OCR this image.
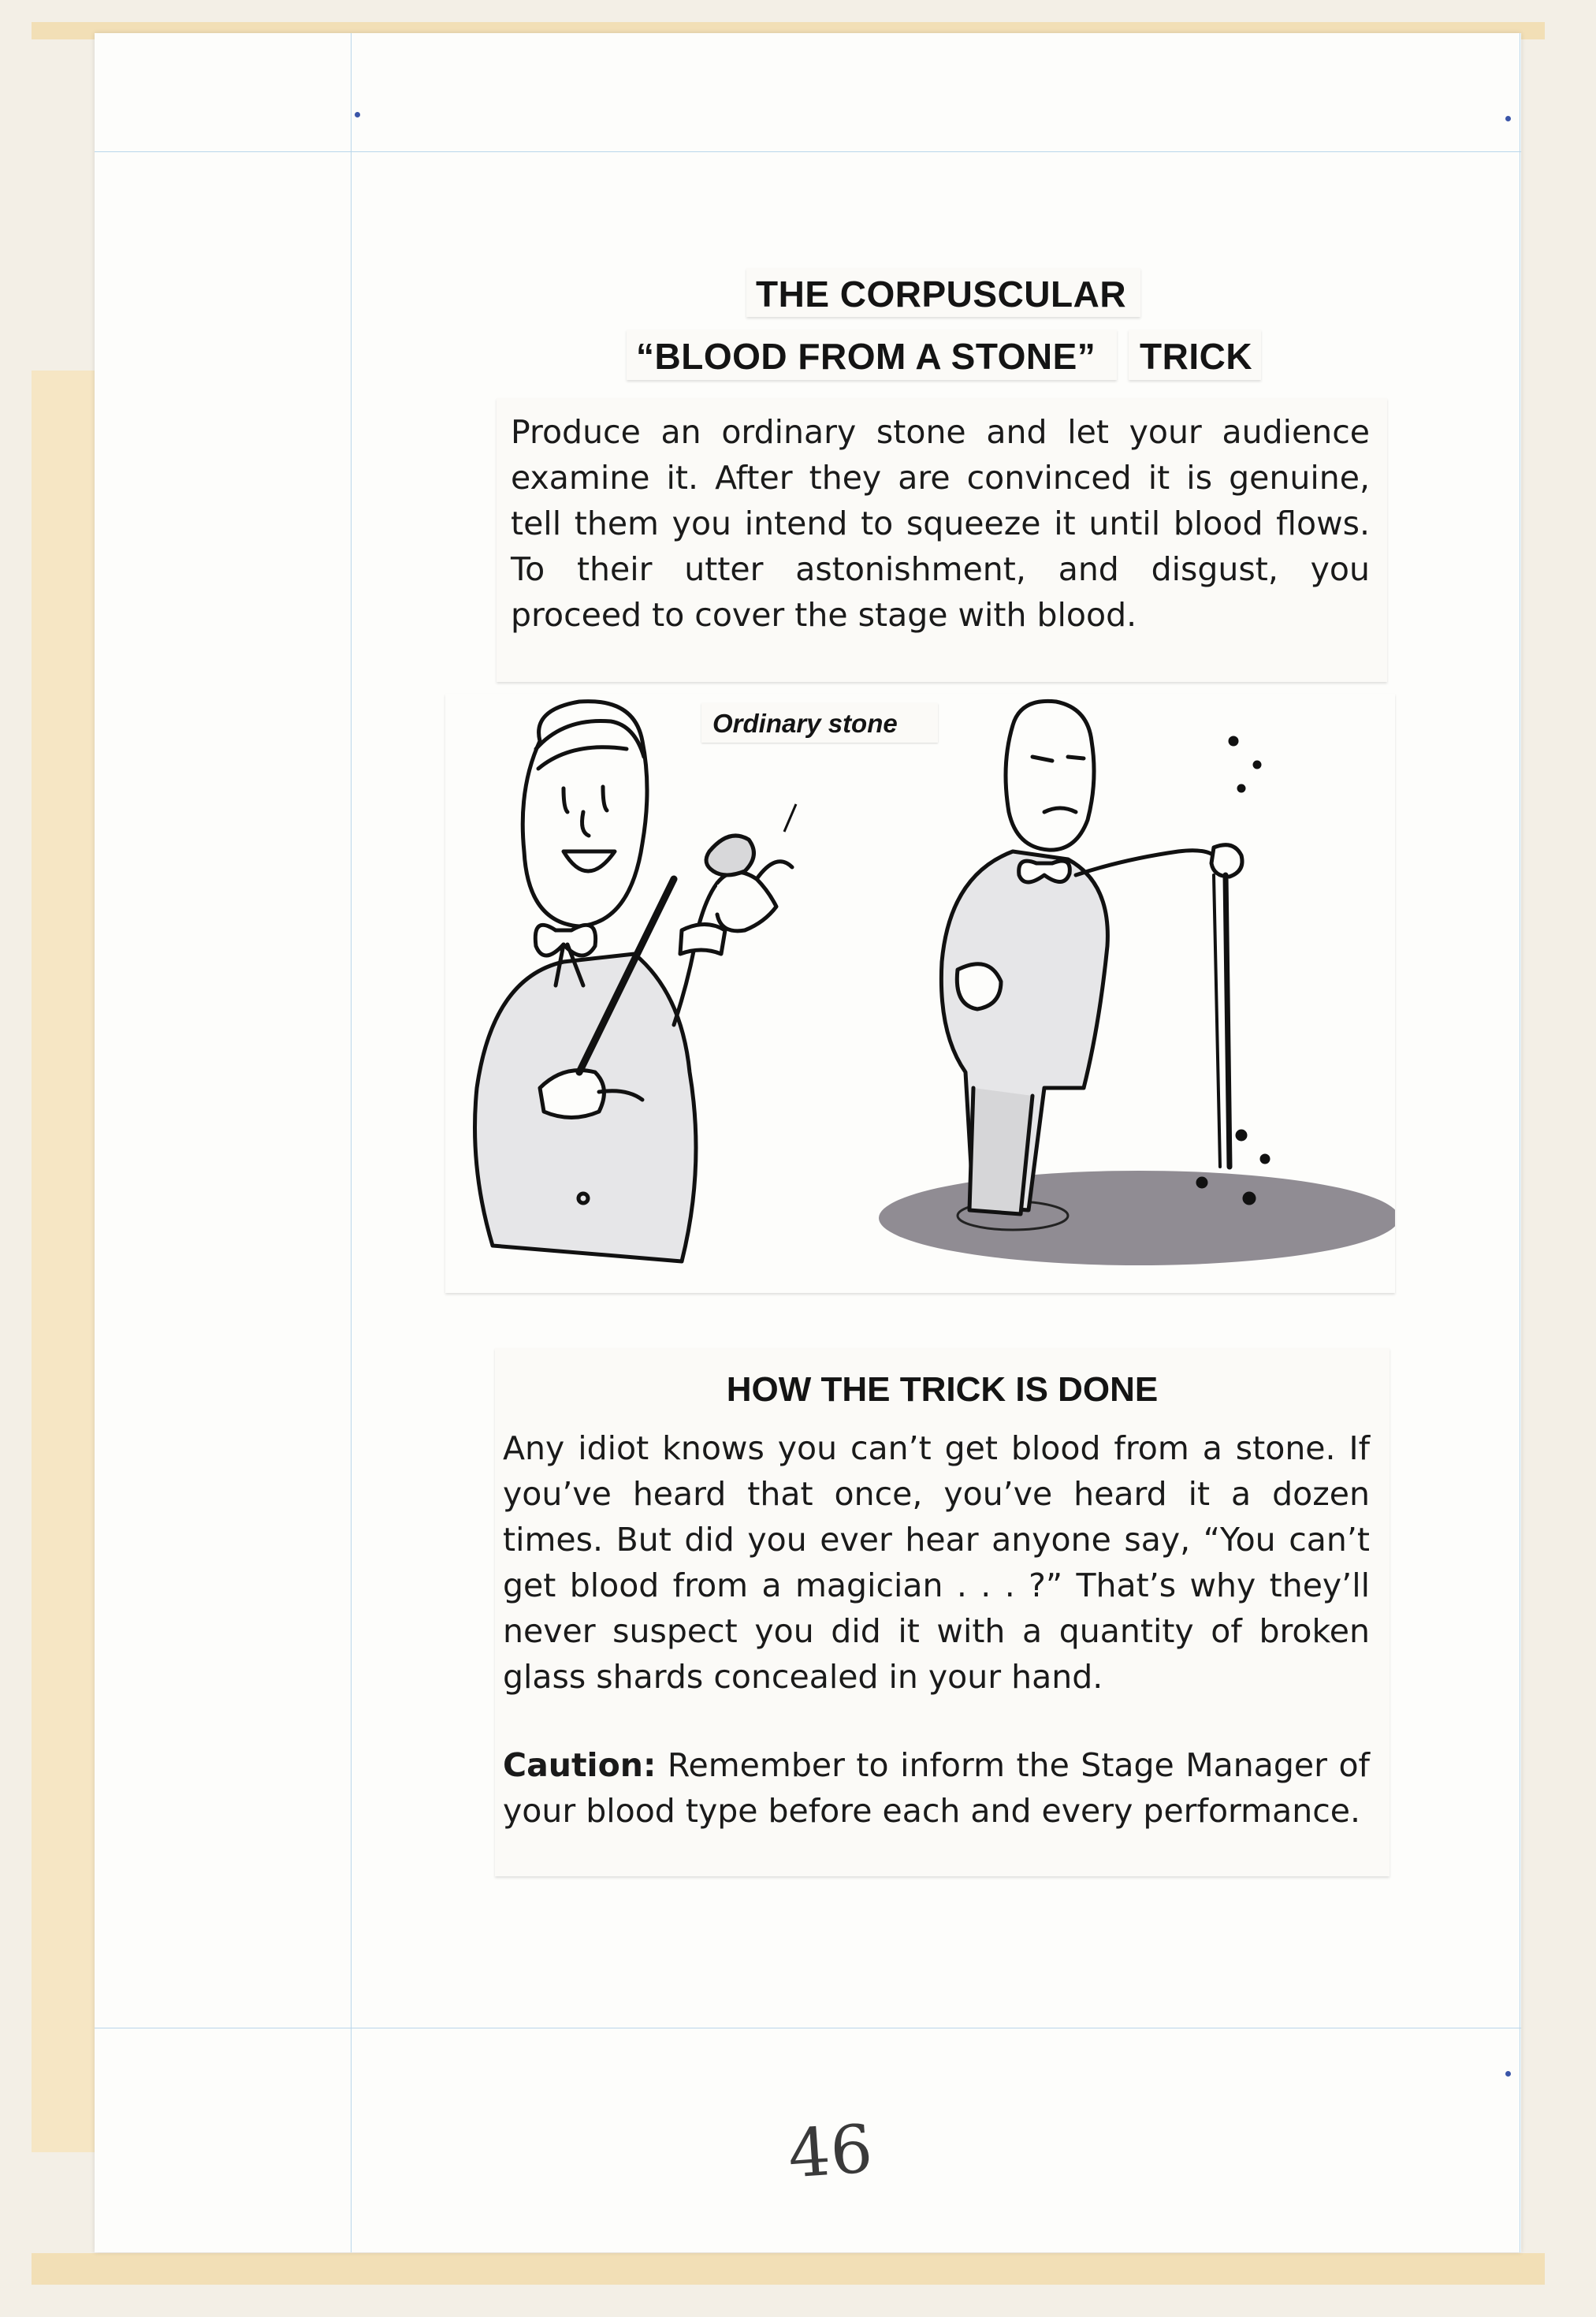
THE CORPUSCULAR
“BLOOD FROM A STONE” TRICK
Produce an ordinary stone and let your audience examine it. After they are convinced it is genuine, tell them you intend to squeeze it until blood flows. To their utter astonishment, and disgust, you proceed to cover the stage with blood.
Ordinary stone
HOW THE TRICK IS DONE
Any idiot knows you can’t get blood from a stone. If you’ve heard that once, you’ve heard it a dozen times. But did you ever hear anyone say, “You can’t get blood from a magician . . . ?” That’s why they’ll never suspect you did it with a quantity of broken glass shards concealed in your hand.
Caution: Remember to inform the Stage Manager of your blood type before each and every performance.
46
